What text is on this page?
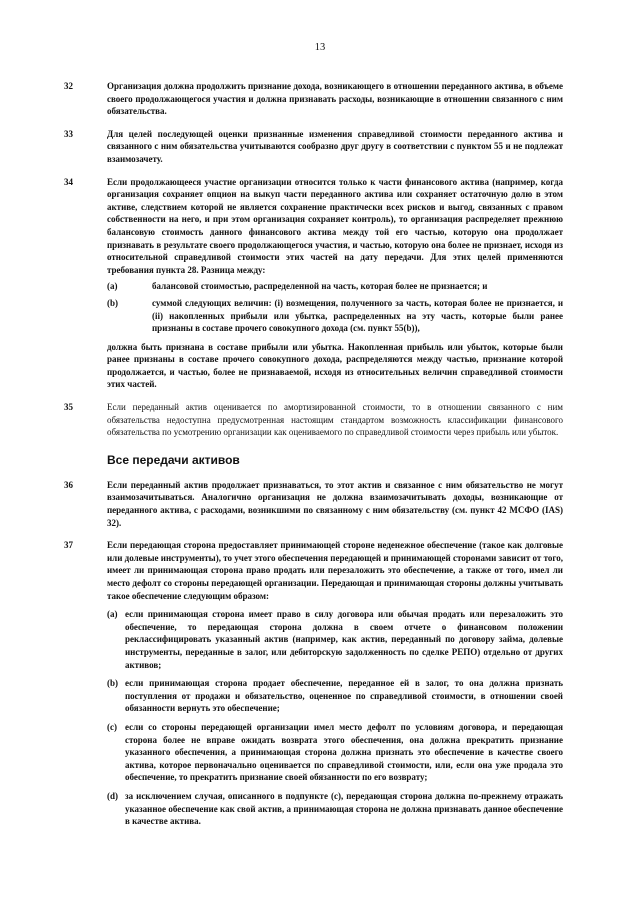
13
32	Организация должна продолжить признание дохода, возникающего в отношении переданного актива, в объеме своего продолжающегося участия и должна признавать расходы, возникающие в отношении связанного с ним обязательства.
33	Для целей последующей оценки признанные изменения справедливой стоимости переданного актива и связанного с ним обязательства учитываются сообразно друг другу в соответствии с пунктом 55 и не подлежат взаимозачету.
34	Если продолжающееся участие организации относится только к части финансового актива (например, когда организация сохраняет опцион на выкуп части переданного актива или сохраняет остаточную долю в этом активе, следствием которой не является сохранение практически всех рисков и выгод, связанных с правом собственности на него, и при этом организация сохраняет контроль), то организация распределяет прежнюю балансовую стоимость данного финансового актива между той его частью, которую она продолжает признавать в результате своего продолжающегося участия, и частью, которую она более не признает, исходя из относительной справедливой стоимости этих частей на дату передачи. Для этих целей применяются требования пункта 28. Разница между:
(a)	балансовой стоимостью, распределенной на часть, которая более не признается; и
(b)	суммой следующих величин: (i) возмещения, полученного за часть, которая более не признается, и (ii) накопленных прибыли или убытка, распределенных на эту часть, которые были ранее признаны в составе прочего совокупного дохода (см. пункт 55(b)),
должна быть признана в составе прибыли или убытка. Накопленная прибыль или убыток, которые были ранее признаны в составе прочего совокупного дохода, распределяются между частью, признание которой продолжается, и частью, более не признаваемой, исходя из относительных величин справедливой стоимости этих частей.
35	Если переданный актив оценивается по амортизированной стоимости, то в отношении связанного с ним обязательства недоступна предусмотренная настоящим стандартом возможность классификации финансового обязательства по усмотрению организации как оцениваемого по справедливой стоимости через прибыль или убыток.
Все передачи активов
36	Если переданный актив продолжает признаваться, то этот актив и связанное с ним обязательство не могут взаимозачитываться. Аналогично организация не должна взаимозачитывать доходы, возникающие от переданного актива, с расходами, возникшими по связанному с ним обязательству (см. пункт 42 МСФО (IAS) 32).
37	Если передающая сторона предоставляет принимающей стороне неденежное обеспечение (такое как долговые или долевые инструменты), то учет этого обеспечения передающей и принимающей сторонами зависит от того, имеет ли принимающая сторона право продать или перезаложить это обеспечение, а также от того, имел ли место дефолт со стороны передающей организации. Передающая и принимающая стороны должны учитывать такое обеспечение следующим образом:
(a) если принимающая сторона имеет право в силу договора или обычая продать или перезаложить это обеспечение, то передающая сторона должна в своем отчете о финансовом положении реклассифицировать указанный актив (например, как актив, переданный по договору займа, долевые инструменты, переданные в залог, или дебиторскую задолженность по сделке РЕПО) отдельно от других активов;
(b) если принимающая сторона продает обеспечение, переданное ей в залог, то она должна признать поступления от продажи и обязательство, оцененное по справедливой стоимости, в отношении своей обязанности вернуть это обеспечение;
(c) если со стороны передающей организации имел место дефолт по условиям договора, и передающая сторона более не вправе ожидать возврата этого обеспечения, она должна прекратить признание указанного обеспечения, а принимающая сторона должна признать это обеспечение в качестве своего актива, которое первоначально оценивается по справедливой стоимости, или, если она уже продала это обеспечение, то прекратить признание своей обязанности по его возврату;
(d) за исключением случая, описанного в подпункте (c), передающая сторона должна по-прежнему отражать указанное обеспечение как свой актив, а принимающая сторона не должна признавать данное обеспечение в качестве актива.
